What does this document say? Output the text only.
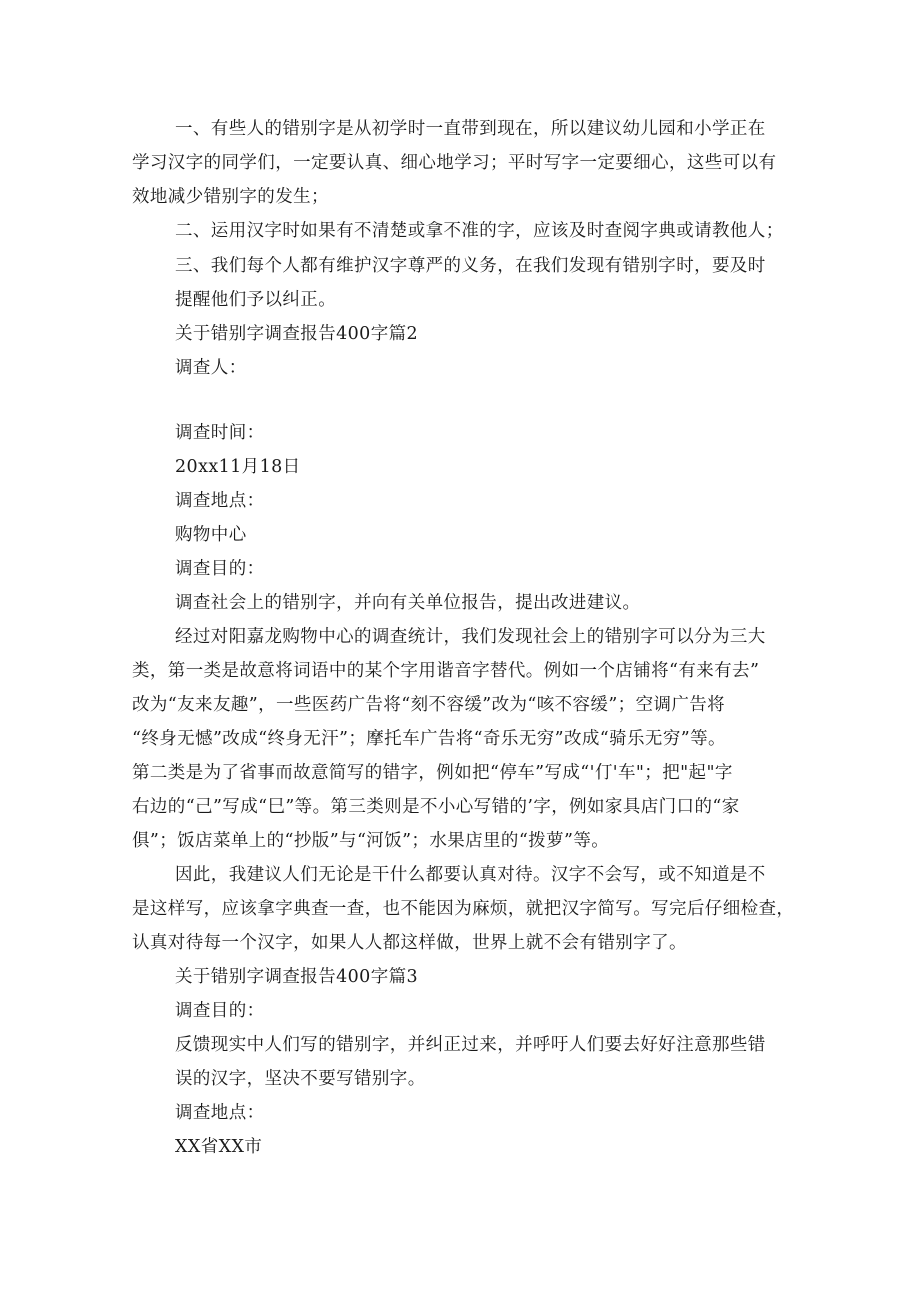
一、有些人的错别字是从初学时一直带到现在，所以建议幼儿园和小学正在
学习汉字的同学们，一定要认真、细心地学习；平时写字一定要细心，这些可以有
效地减少错别字的发生；
二、运用汉字时如果有不清楚或拿不准的字，应该及时查阅字典或请教他人；
三、我们每个人都有维护汉字尊严的义务，在我们发现有错别字时，要及时
提醒他们予以纠正。
关于错别字调查报告400字篇2
调查人：
调查时间：
20xx11月18日
调查地点：
购物中心
调查目的：
调查社会上的错别字，并向有关单位报告，提出改进建议。
经过对阳嘉龙购物中心的调查统计，我们发现社会上的错别字可以分为三大
类，第一类是故意将词语中的某个字用谐音字替代。例如一个店铺将“有来有去”
改为“友来友趣”，一些医药广告将“刻不容缓”改为“咳不容缓”；空调广告将
“终身无憾”改成“终身无汗”；摩托车广告将“奇乐无穷”改成“骑乐无穷”等。
第二类是为了省事而故意简写的错字，例如把“停车”写成“'仃'车"；把"起"字
右边的“己”写成“巳”等。第三类则是不小心写错的’字，例如家具店门口的“家
俱”；饭店菜单上的“抄版”与“河饭”；水果店里的“拨萝”等。
因此，我建议人们无论是干什么都要认真对待。汉字不会写，或不知道是不
是这样写，应该拿字典查一查，也不能因为麻烦，就把汉字简写。写完后仔细检查，
认真对待每一个汉字，如果人人都这样做，世界上就不会有错别字了。
关于错别字调查报告400字篇3
调查目的：
反馈现实中人们写的错别字，并纠正过来，并呼吁人们要去好好注意那些错
误的汉字，坚决不要写错别字。
调查地点：
XX省XX市
